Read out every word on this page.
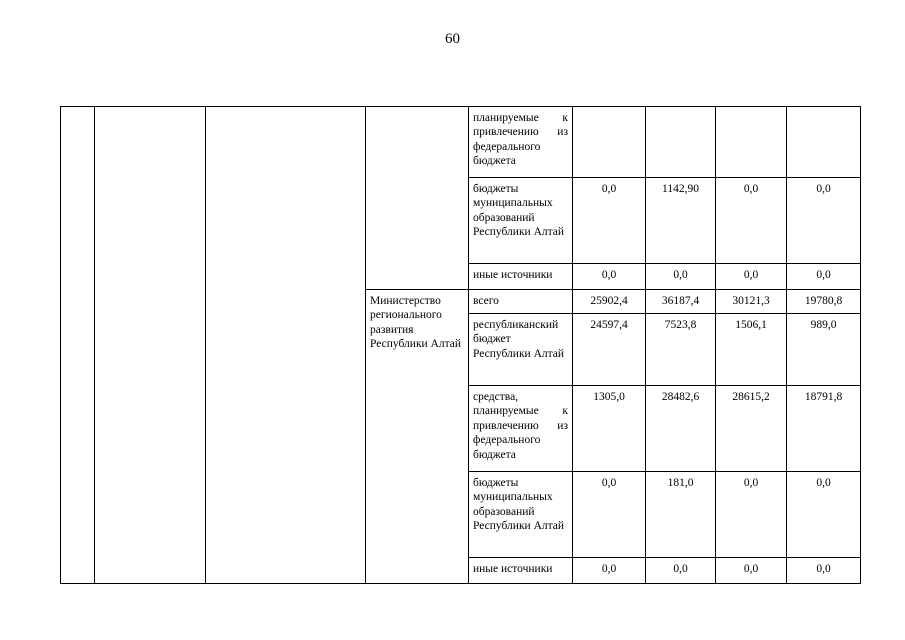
60
				планируемые к привлечению из федерального бюджета				
				бюджеты муниципальных образований Республики Алтай	0,0	1142,90	0,0	0,0
				иные источники	0,0	0,0	0,0	0,0
			Министерство регионального развития Республики Алтай	всего	25902,4	36187,4	30121,3	19780,8
				республиканский бюджет Республики Алтай	24597,4	7523,8	1506,1	989,0
				средства, планируемые к привлечению из федерального бюджета	1305,0	28482,6	28615,2	18791,8
				бюджеты муниципальных образований Республики Алтай	0,0	181,0	0,0	0,0
				иные источники	0,0	0,0	0,0	0,0
